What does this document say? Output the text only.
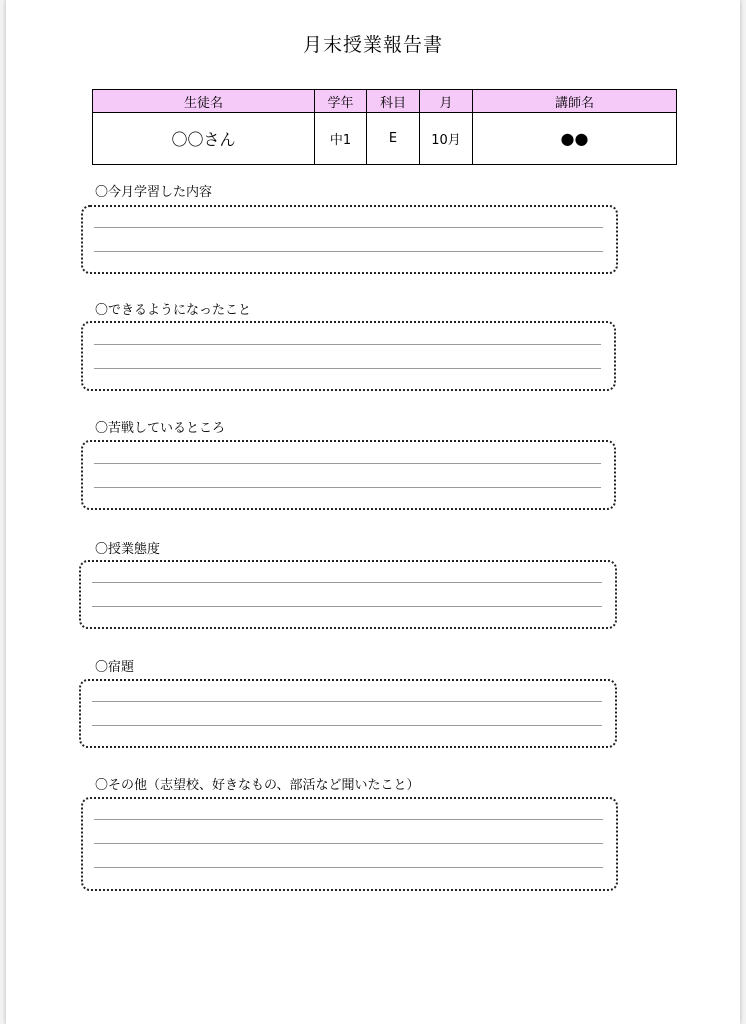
月末授業報告書
生徒名	学年	科目	月	講師名
〇〇さん	中1	E	10月	●●
〇今月学習した内容
〇できるようになったこと
〇苦戦しているところ
〇授業態度
〇宿題
〇その他（志望校、好きなもの、部活など聞いたこと）
